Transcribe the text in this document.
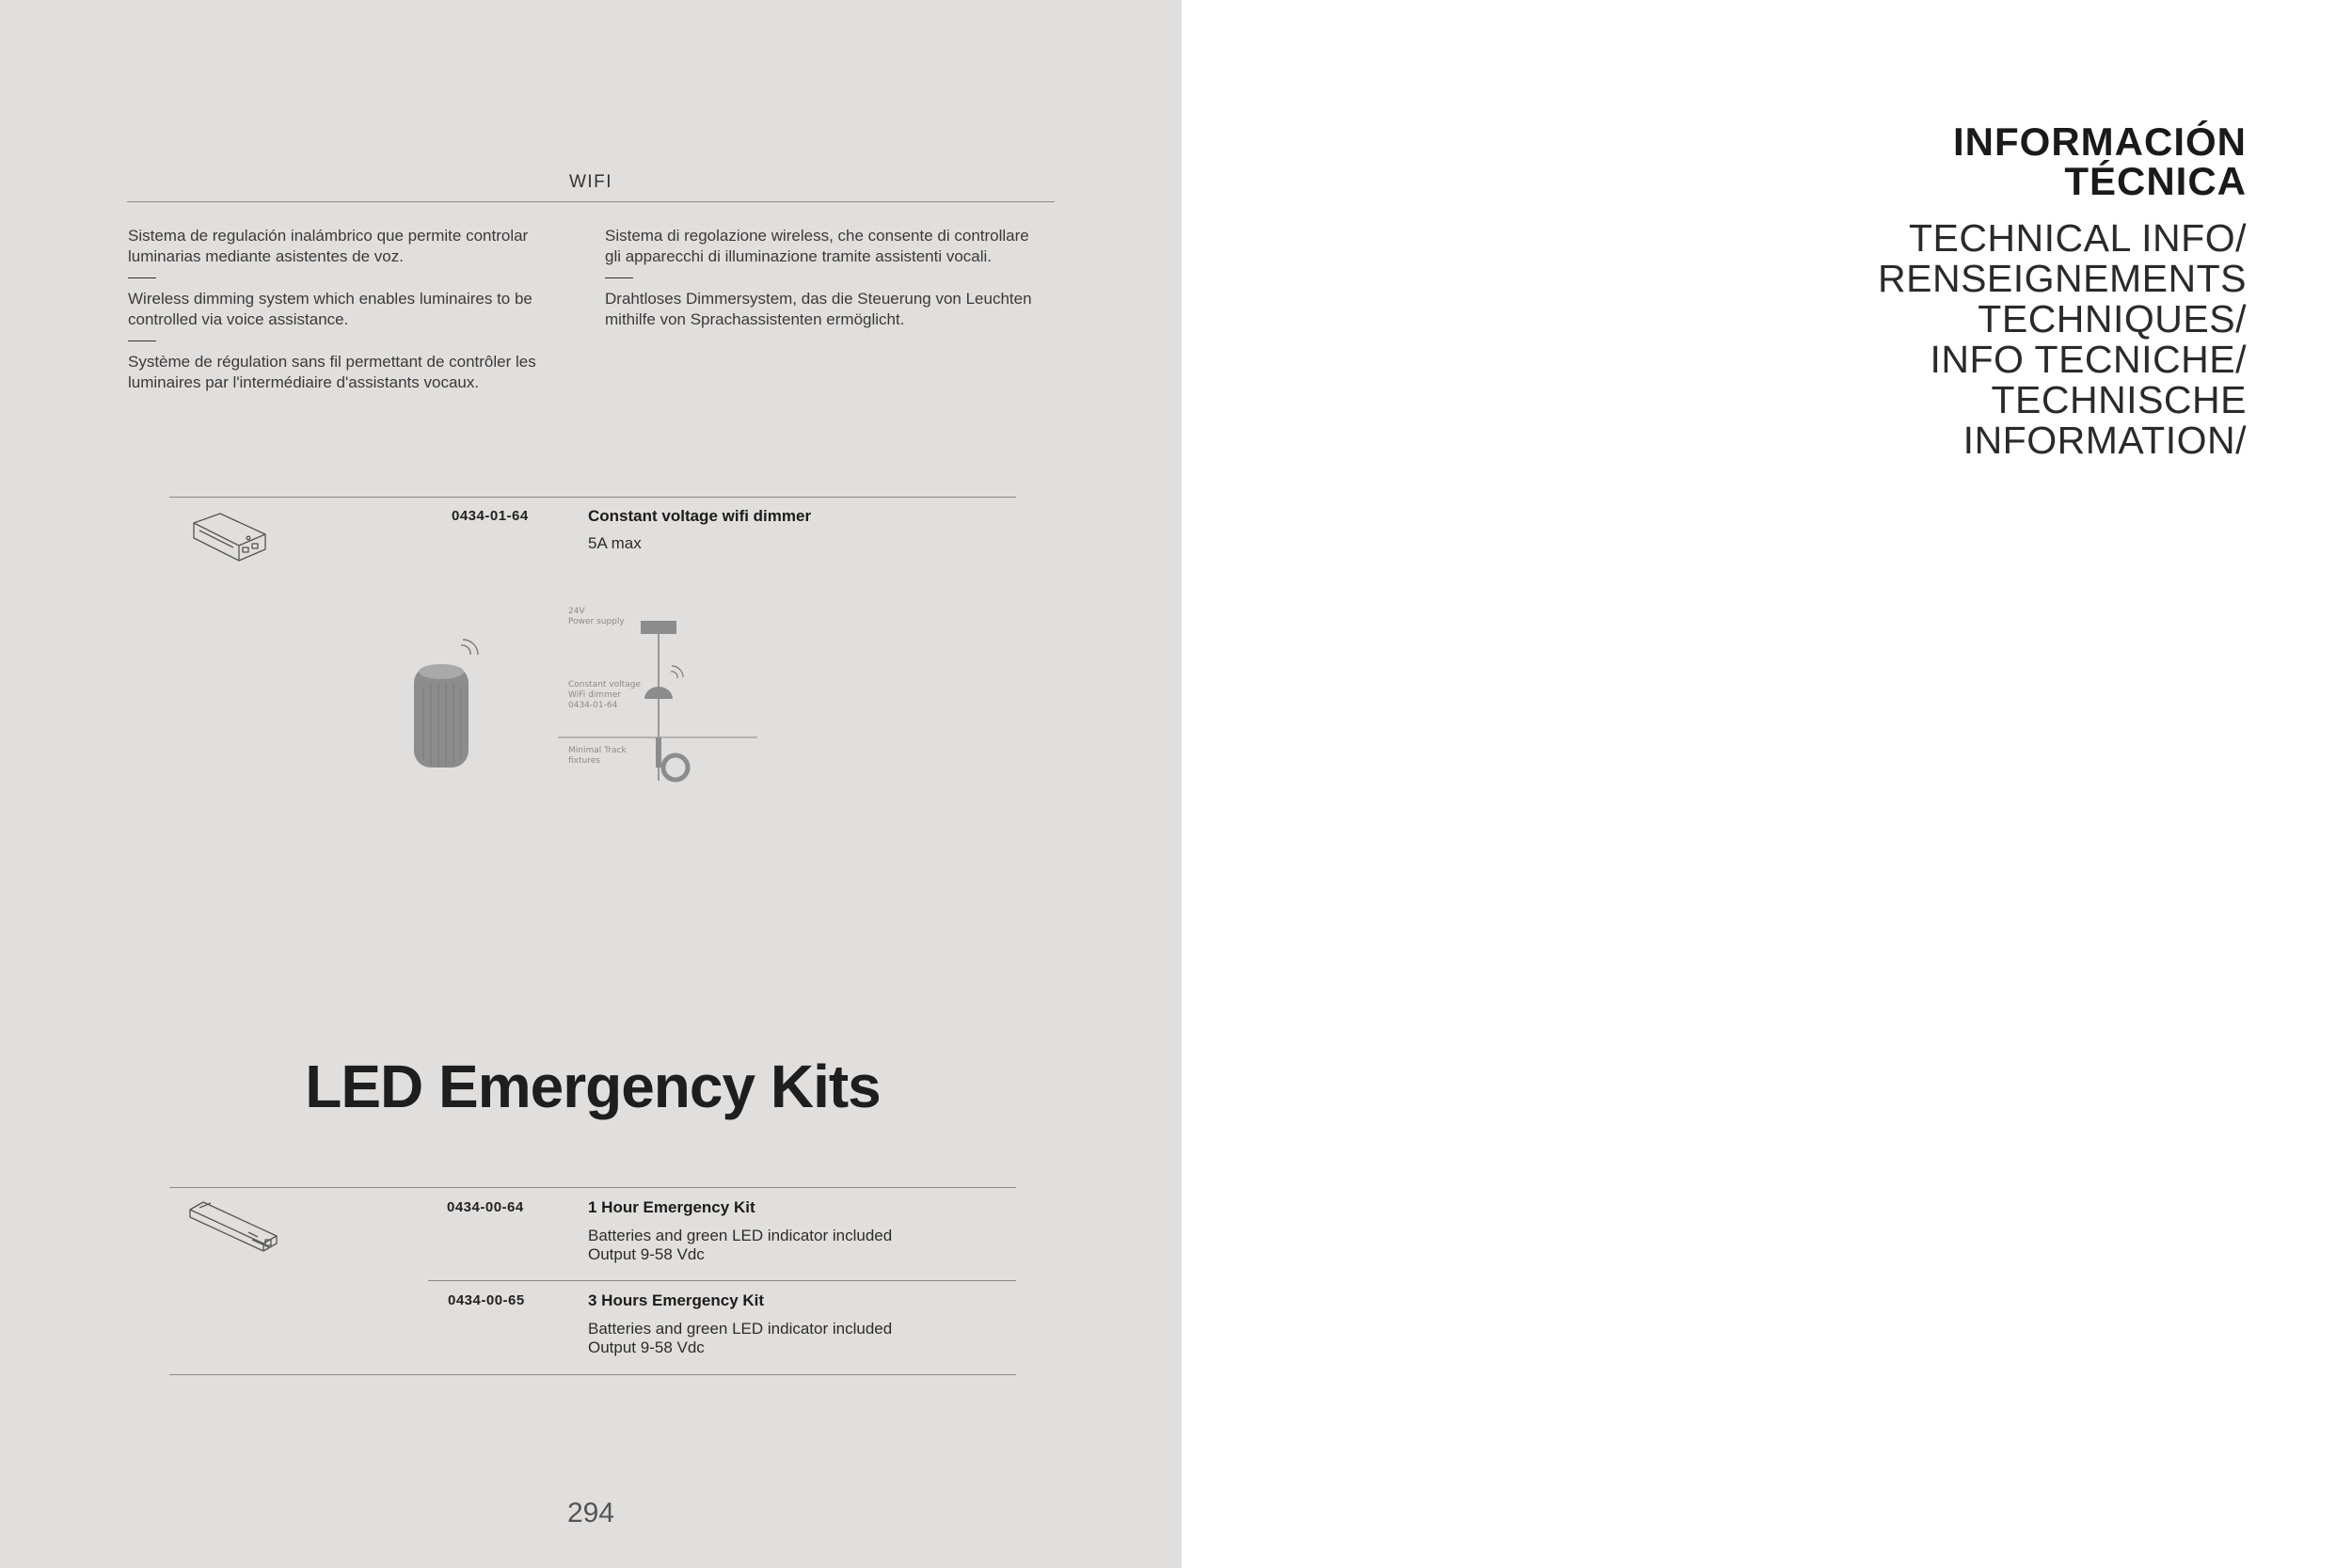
WIFI

Sistema de regulación inalámbrico que permite controlar luminarias mediante asistentes de voz.

Wireless dimming system which enables luminaires to be controlled via voice assistance.

Système de régulation sans fil permettant de contrôler les luminaires par l'intermédiaire d'assistants vocaux.

Sistema di regolazione wireless, che consente di controllare gli apparecchi di illuminazione tramite assistenti vocali.

Drahtloses Dimmersystem, das die Steuerung von Leuchten mithilfe von Sprachassistenten ermöglicht.

0434-01-64	Constant voltage wifi dimmer
5A max
24V
Power supply
Constant voltage
WiFi dimmer
0434-01-64
Minimal Track
fixtures
LED Emergency Kits
0434-00-64	1 Hour Emergency Kit
Batteries and green LED indicator included
Output 9-58 Vdc
0434-00-65	3 Hours Emergency Kit
Batteries and green LED indicator included
Output 9-58 Vdc
294
INFORMACIÓN
TÉCNICA
TECHNICAL INFO/
RENSEIGNEMENTS
TECHNIQUES/
INFO TECNICHE/
TECHNISCHE
INFORMATION/
